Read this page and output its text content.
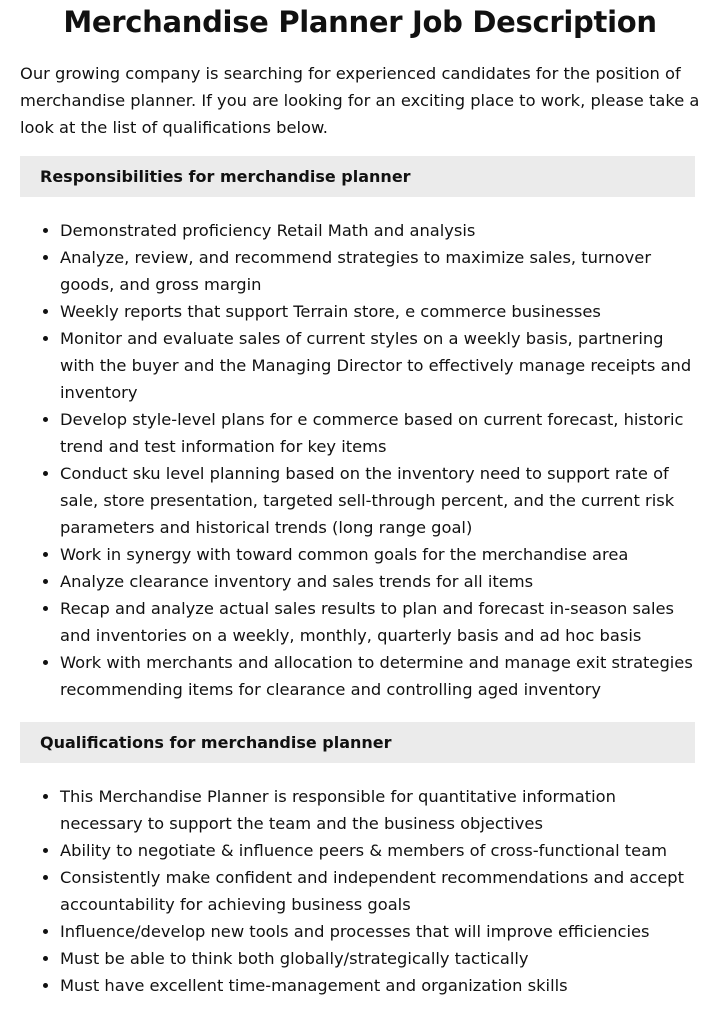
Merchandise Planner Job Description

Our growing company is searching for experienced candidates for the position of merchandise planner. If you are looking for an exciting place to work, please take a look at the list of qualifications below.

Responsibilities for merchandise planner
• Demonstrated proficiency Retail Math and analysis
• Analyze, review, and recommend strategies to maximize sales, turnover goods, and gross margin
• Weekly reports that support Terrain store, e commerce businesses
• Monitor and evaluate sales of current styles on a weekly basis, partnering with the buyer and the Managing Director to effectively manage receipts and inventory
• Develop style-level plans for e commerce based on current forecast, historic trend and test information for key items
• Conduct sku level planning based on the inventory need to support rate of sale, store presentation, targeted sell-through percent, and the current risk parameters and historical trends (long range goal)
• Work in synergy with toward common goals for the merchandise area
• Analyze clearance inventory and sales trends for all items
• Recap and analyze actual sales results to plan and forecast in-season sales and inventories on a weekly, monthly, quarterly basis and ad hoc basis
• Work with merchants and allocation to determine and manage exit strategies recommending items for clearance and controlling aged inventory
Qualifications for merchandise planner
• This Merchandise Planner is responsible for quantitative information necessary to support the team and the business objectives
• Ability to negotiate & influence peers & members of cross-functional team
• Consistently make confident and independent recommendations and accept accountability for achieving business goals
• Influence/develop new tools and processes that will improve efficiencies
• Must be able to think both globally/strategically tactically
• Must have excellent time-management and organization skills
